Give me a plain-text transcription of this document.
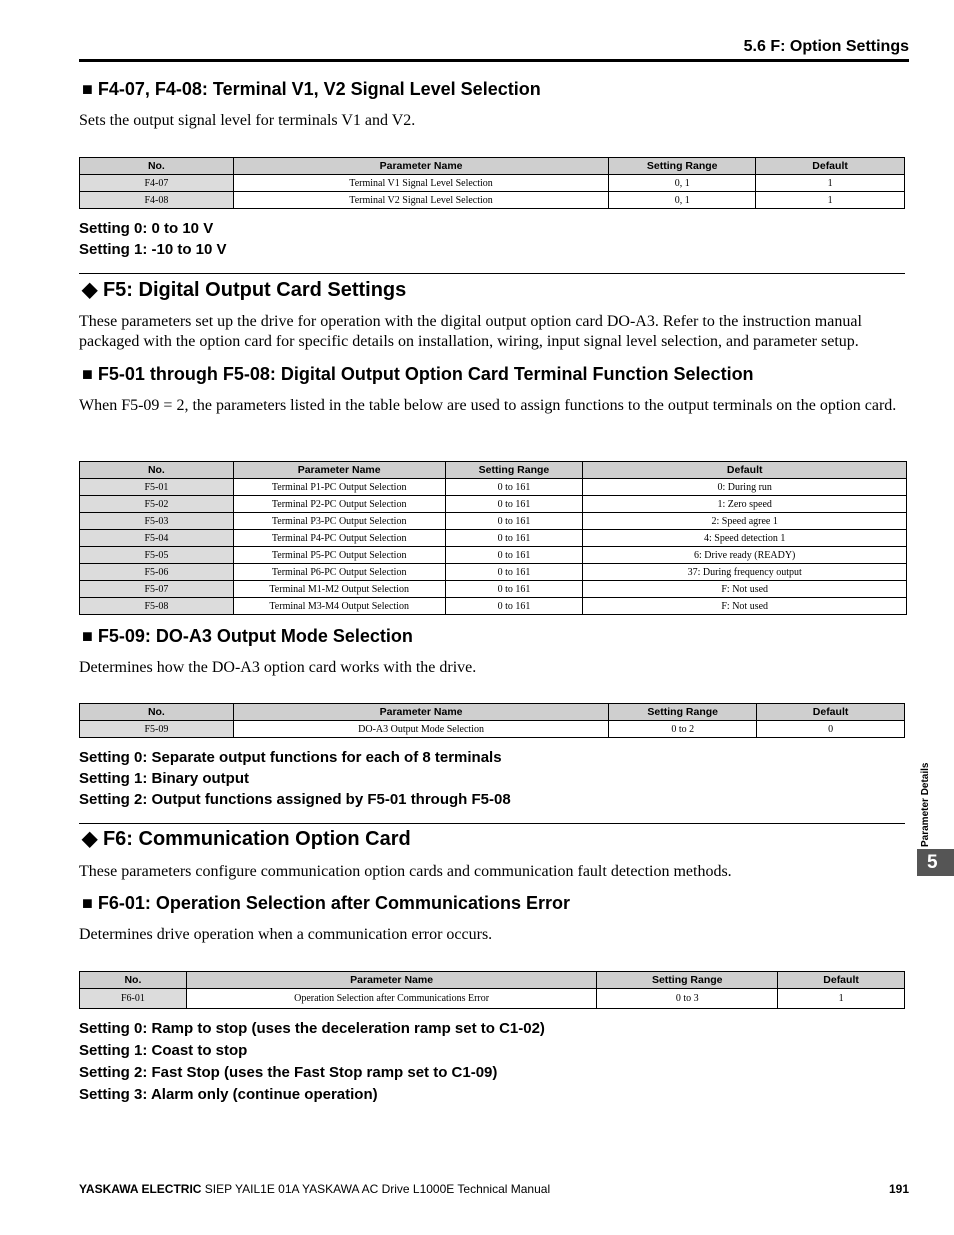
5.6 F: Option Settings
■ F4-07, F4-08: Terminal V1, V2 Signal Level Selection
Sets the output signal level for terminals V1 and V2.
No.	Parameter Name	Setting Range	Default
F4-07	Terminal V1 Signal Level Selection	0, 1	1
F4-08	Terminal V2 Signal Level Selection	0, 1	1
Setting 0: 0 to 10 V
Setting 1: -10 to 10 V
◆ F5: Digital Output Card Settings
These parameters set up the drive for operation with the digital output option card DO-A3. Refer to the instruction manual packaged with the option card for specific details on installation, wiring, input signal level selection, and parameter setup.
■ F5-01 through F5-08: Digital Output Option Card Terminal Function Selection
When F5-09 = 2, the parameters listed in the table below are used to assign functions to the output terminals on the option card.
No.	Parameter Name	Setting Range	Default
F5-01	Terminal P1-PC Output Selection	0 to 161	0: During run
F5-02	Terminal P2-PC Output Selection	0 to 161	1: Zero speed
F5-03	Terminal P3-PC Output Selection	0 to 161	2: Speed agree 1
F5-04	Terminal P4-PC Output Selection	0 to 161	4: Speed detection 1
F5-05	Terminal P5-PC Output Selection	0 to 161	6: Drive ready (READY)
F5-06	Terminal P6-PC Output Selection	0 to 161	37: During frequency output
F5-07	Terminal M1-M2 Output Selection	0 to 161	F: Not used
F5-08	Terminal M3-M4 Output Selection	0 to 161	F: Not used
■ F5-09: DO-A3 Output Mode Selection
Determines how the DO-A3 option card works with the drive.
No.	Parameter Name	Setting Range	Default
F5-09	DO-A3 Output Mode Selection	0 to 2	0
Setting 0: Separate output functions for each of 8 terminals
Setting 1: Binary output
Setting 2: Output functions assigned by F5-01 through F5-08
◆ F6: Communication Option Card
These parameters configure communication option cards and communication fault detection methods.
■ F6-01: Operation Selection after Communications Error
Determines drive operation when a communication error occurs.
No.	Parameter Name	Setting Range	Default
F6-01	Operation Selection after Communications Error	0 to 3	1
Setting 0: Ramp to stop (uses the deceleration ramp set to C1-02)
Setting 1: Coast to stop
Setting 2: Fast Stop (uses the Fast Stop ramp set to C1-09)
Setting 3: Alarm only (continue operation)
Parameter Details
5
YASKAWA ELECTRIC SIEP YAIL1E 01A YASKAWA AC Drive L1000E Technical Manual	191
